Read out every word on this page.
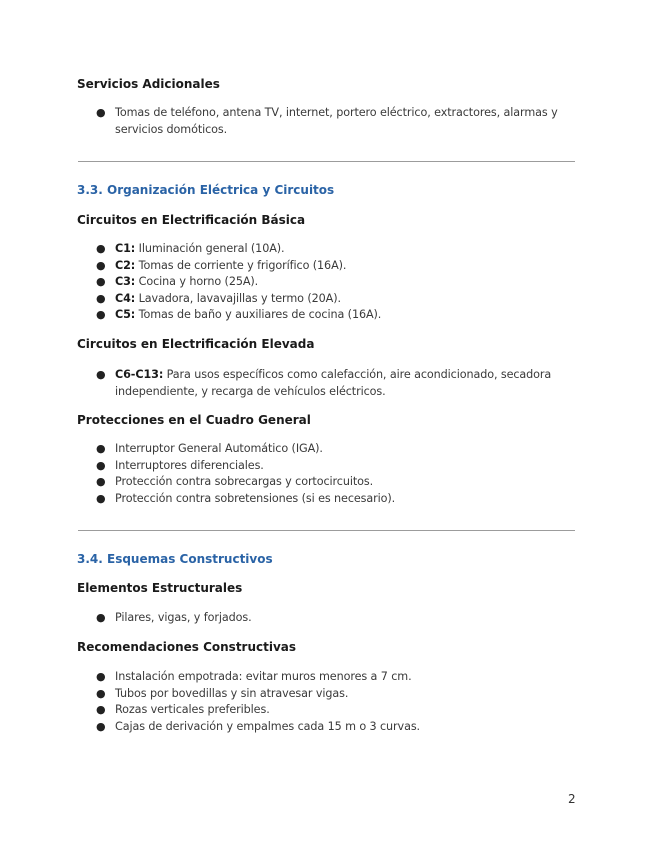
Servicios Adicionales
● Tomas de teléfono, antena TV, internet, portero eléctrico, extractores, alarmas y servicios domóticos.
3.3. Organización Eléctrica y Circuitos
Circuitos en Electrificación Básica
● C1: Iluminación general (10A).
● C2: Tomas de corriente y frigorífico (16A).
● C3: Cocina y horno (25A).
● C4: Lavadora, lavavajillas y termo (20A).
● C5: Tomas de baño y auxiliares de cocina (16A).
Circuitos en Electrificación Elevada
● C6-C13: Para usos específicos como calefacción, aire acondicionado, secadora independiente, y recarga de vehículos eléctricos.
Protecciones en el Cuadro General
● Interruptor General Automático (IGA).
● Interruptores diferenciales.
● Protección contra sobrecargas y cortocircuitos.
● Protección contra sobretensiones (si es necesario).
3.4. Esquemas Constructivos
Elementos Estructurales
● Pilares, vigas, y forjados.
Recomendaciones Constructivas
● Instalación empotrada: evitar muros menores a 7 cm.
● Tubos por bovedillas y sin atravesar vigas.
● Rozas verticales preferibles.
● Cajas de derivación y empalmes cada 15 m o 3 curvas.
2
